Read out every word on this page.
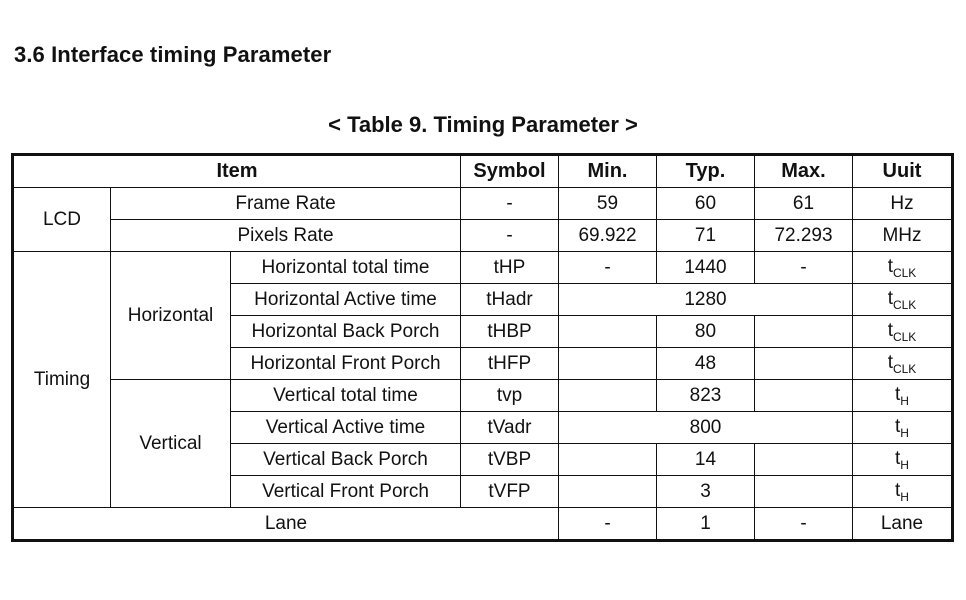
3.6 Interface timing Parameter
< Table 9. Timing Parameter >
Item			Symbol	Min.	Typ.	Max.	Uuit
LCD	Frame Rate		-	59	60	61	Hz
	Pixels Rate		-	69.922	71	72.293	MHz
Timing	Horizontal	Horizontal total time	tHP	-	1440	-	$t_{CLK}$
		Horizontal Active time	tHadr	1280			$t_{CLK}$
		Horizontal Back Porch	tHBP		80		$t_{CLK}$
		Horizontal Front Porch	tHFP		48		$t_{CLK}$
	Vertical	Vertical total time	tvp		823		$t_H$
		Vertical Active time	tVadr	800			$t_H$
		Vertical Back Porch	tVBP		14		$t_H$
		Vertical Front Porch	tVFP		3		$t_H$
Lane				-	1	-	Lane
